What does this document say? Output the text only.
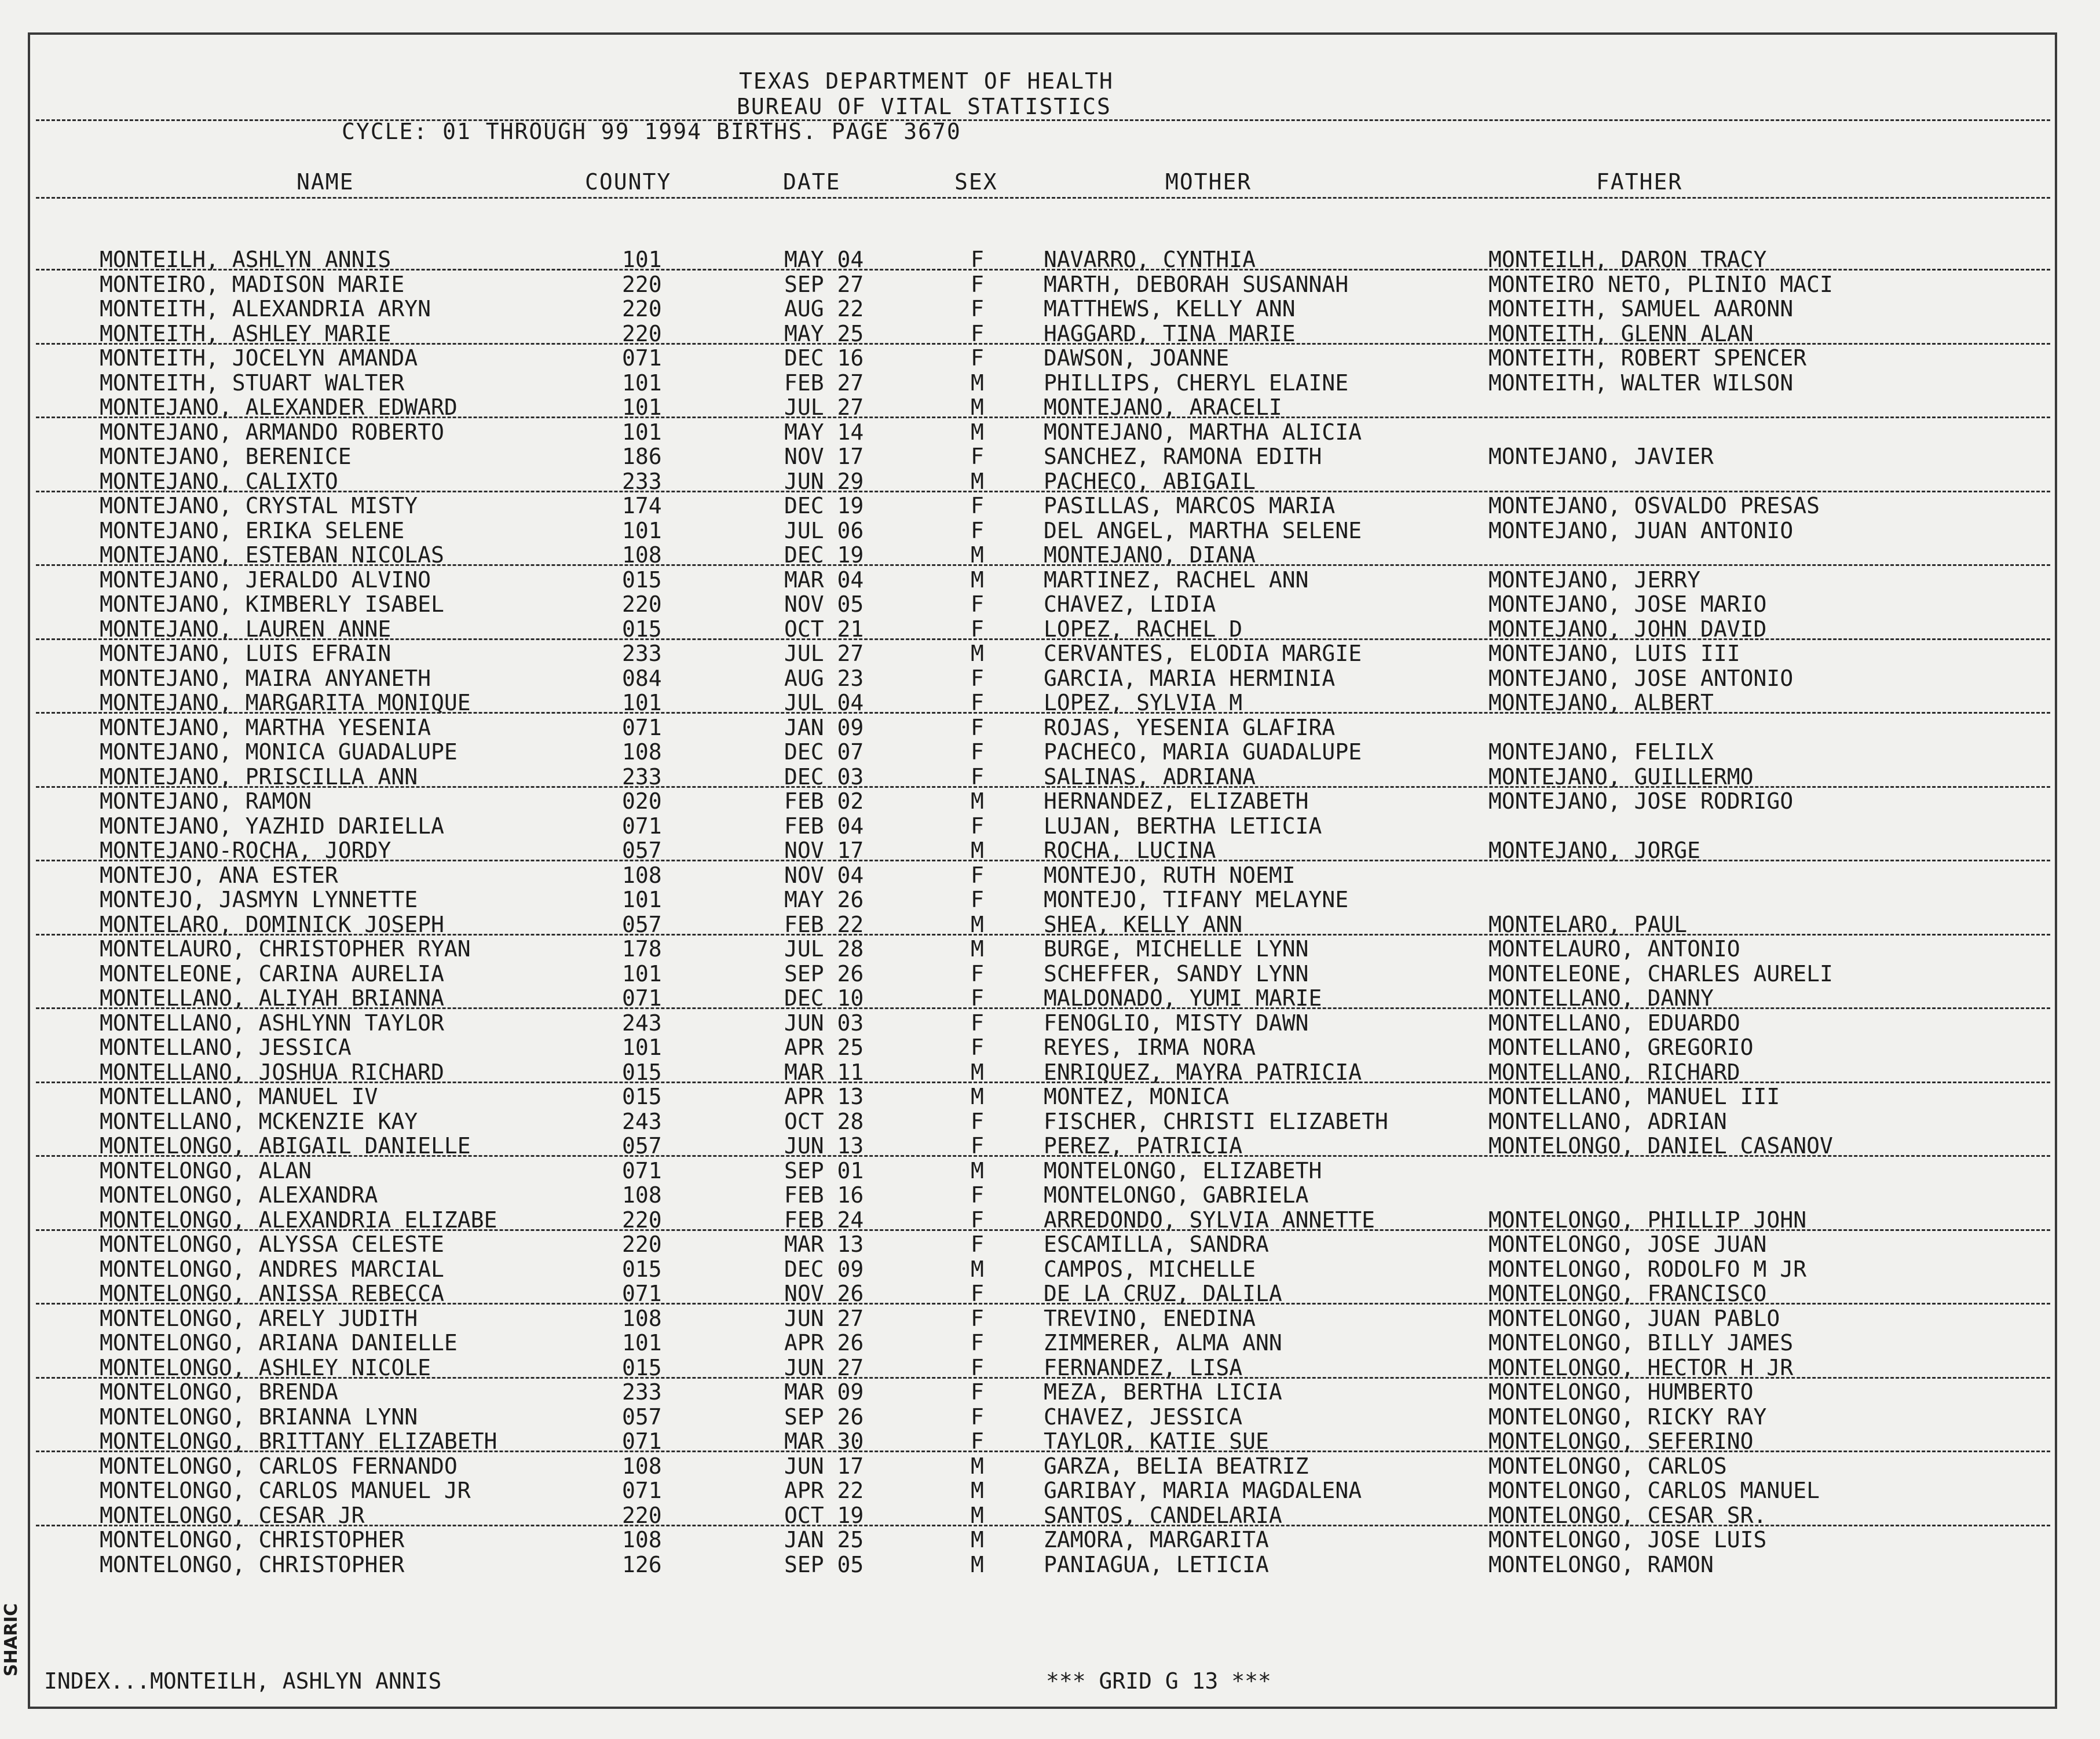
SHARIC
TEXAS DEPARTMENT OF HEALTH
BUREAU OF VITAL STATISTICS
CYCLE: 01 THROUGH 99 1994 BIRTHS. PAGE 3670
NAME	COUNTY	DATE	SEX	MOTHER	FATHER
MONTEILH, ASHLYN ANNIS	101	MAY 04	F	NAVARRO, CYNTHIA	MONTEILH, DARON TRACY
MONTEIRO, MADISON MARIE	220	SEP 27	F	MARTH, DEBORAH SUSANNAH	MONTEIRO NETO, PLINIO MACI
MONTEITH, ALEXANDRIA ARYN	220	AUG 22	F	MATTHEWS, KELLY ANN	MONTEITH, SAMUEL AARONN
MONTEITH, ASHLEY MARIE	220	MAY 25	F	HAGGARD, TINA MARIE	MONTEITH, GLENN ALAN
MONTEITH, JOCELYN AMANDA	071	DEC 16	F	DAWSON, JOANNE	MONTEITH, ROBERT SPENCER
MONTEITH, STUART WALTER	101	FEB 27	M	PHILLIPS, CHERYL ELAINE	MONTEITH, WALTER WILSON
MONTEJANO, ALEXANDER EDWARD	101	JUL 27	M	MONTEJANO, ARACELI
MONTEJANO, ARMANDO ROBERTO	101	MAY 14	M	MONTEJANO, MARTHA ALICIA
MONTEJANO, BERENICE	186	NOV 17	F	SANCHEZ, RAMONA EDITH	MONTEJANO, JAVIER
MONTEJANO, CALIXTO	233	JUN 29	M	PACHECO, ABIGAIL
MONTEJANO, CRYSTAL MISTY	174	DEC 19	F	PASILLAS, MARCOS MARIA	MONTEJANO, OSVALDO PRESAS
MONTEJANO, ERIKA SELENE	101	JUL 06	F	DEL ANGEL, MARTHA SELENE	MONTEJANO, JUAN ANTONIO
MONTEJANO, ESTEBAN NICOLAS	108	DEC 19	M	MONTEJANO, DIANA
MONTEJANO, JERALDO ALVINO	015	MAR 04	M	MARTINEZ, RACHEL ANN	MONTEJANO, JERRY
MONTEJANO, KIMBERLY ISABEL	220	NOV 05	F	CHAVEZ, LIDIA	MONTEJANO, JOSE MARIO
MONTEJANO, LAUREN ANNE	015	OCT 21	F	LOPEZ, RACHEL D	MONTEJANO, JOHN DAVID
MONTEJANO, LUIS EFRAIN	233	JUL 27	M	CERVANTES, ELODIA MARGIE	MONTEJANO, LUIS III
MONTEJANO, MAIRA ANYANETH	084	AUG 23	F	GARCIA, MARIA HERMINIA	MONTEJANO, JOSE ANTONIO
MONTEJANO, MARGARITA MONIQUE	101	JUL 04	F	LOPEZ, SYLVIA M	MONTEJANO, ALBERT
MONTEJANO, MARTHA YESENIA	071	JAN 09	F	ROJAS, YESENIA GLAFIRA
MONTEJANO, MONICA GUADALUPE	108	DEC 07	F	PACHECO, MARIA GUADALUPE	MONTEJANO, FELILX
MONTEJANO, PRISCILLA ANN	233	DEC 03	F	SALINAS, ADRIANA	MONTEJANO, GUILLERMO
MONTEJANO, RAMON	020	FEB 02	M	HERNANDEZ, ELIZABETH	MONTEJANO, JOSE RODRIGO
MONTEJANO, YAZHID DARIELLA	071	FEB 04	F	LUJAN, BERTHA LETICIA
MONTEJANO-ROCHA, JORDY	057	NOV 17	M	ROCHA, LUCINA	MONTEJANO, JORGE
MONTEJO, ANA ESTER	108	NOV 04	F	MONTEJO, RUTH NOEMI
MONTEJO, JASMYN LYNNETTE	101	MAY 26	F	MONTEJO, TIFANY MELAYNE
MONTELARO, DOMINICK JOSEPH	057	FEB 22	M	SHEA, KELLY ANN	MONTELARO, PAUL
MONTELAURO, CHRISTOPHER RYAN	178	JUL 28	M	BURGE, MICHELLE LYNN	MONTELAURO, ANTONIO
MONTELEONE, CARINA AURELIA	101	SEP 26	F	SCHEFFER, SANDY LYNN	MONTELEONE, CHARLES AURELI
MONTELLANO, ALIYAH BRIANNA	071	DEC 10	F	MALDONADO, YUMI MARIE	MONTELLANO, DANNY
MONTELLANO, ASHLYNN TAYLOR	243	JUN 03	F	FENOGLIO, MISTY DAWN	MONTELLANO, EDUARDO
MONTELLANO, JESSICA	101	APR 25	F	REYES, IRMA NORA	MONTELLANO, GREGORIO
MONTELLANO, JOSHUA RICHARD	015	MAR 11	M	ENRIQUEZ, MAYRA PATRICIA	MONTELLANO, RICHARD
MONTELLANO, MANUEL IV	015	APR 13	M	MONTEZ, MONICA	MONTELLANO, MANUEL III
MONTELLANO, MCKENZIE KAY	243	OCT 28	F	FISCHER, CHRISTI ELIZABETH	MONTELLANO, ADRIAN
MONTELONGO, ABIGAIL DANIELLE	057	JUN 13	F	PEREZ, PATRICIA	MONTELONGO, DANIEL CASANOV
MONTELONGO, ALAN	071	SEP 01	M	MONTELONGO, ELIZABETH
MONTELONGO, ALEXANDRA	108	FEB 16	F	MONTELONGO, GABRIELA
MONTELONGO, ALEXANDRIA ELIZABE	220	FEB 24	F	ARREDONDO, SYLVIA ANNETTE	MONTELONGO, PHILLIP JOHN
MONTELONGO, ALYSSA CELESTE	220	MAR 13	F	ESCAMILLA, SANDRA	MONTELONGO, JOSE JUAN
MONTELONGO, ANDRES MARCIAL	015	DEC 09	M	CAMPOS, MICHELLE	MONTELONGO, RODOLFO M JR
MONTELONGO, ANISSA REBECCA	071	NOV 26	F	DE LA CRUZ, DALILA	MONTELONGO, FRANCISCO
MONTELONGO, ARELY JUDITH	108	JUN 27	F	TREVINO, ENEDINA	MONTELONGO, JUAN PABLO
MONTELONGO, ARIANA DANIELLE	101	APR 26	F	ZIMMERER, ALMA ANN	MONTELONGO, BILLY JAMES
MONTELONGO, ASHLEY NICOLE	015	JUN 27	F	FERNANDEZ, LISA	MONTELONGO, HECTOR H JR
MONTELONGO, BRENDA	233	MAR 09	F	MEZA, BERTHA LICIA	MONTELONGO, HUMBERTO
MONTELONGO, BRIANNA LYNN	057	SEP 26	F	CHAVEZ, JESSICA	MONTELONGO, RICKY RAY
MONTELONGO, BRITTANY ELIZABETH	071	MAR 30	F	TAYLOR, KATIE SUE	MONTELONGO, SEFERINO
MONTELONGO, CARLOS FERNANDO	108	JUN 17	M	GARZA, BELIA BEATRIZ	MONTELONGO, CARLOS
MONTELONGO, CARLOS MANUEL JR	071	APR 22	M	GARIBAY, MARIA MAGDALENA	MONTELONGO, CARLOS MANUEL
MONTELONGO, CESAR JR	220	OCT 19	M	SANTOS, CANDELARIA	MONTELONGO, CESAR SR.
MONTELONGO, CHRISTOPHER	108	JAN 25	M	ZAMORA, MARGARITA	MONTELONGO, JOSE LUIS
MONTELONGO, CHRISTOPHER	126	SEP 05	M	PANIAGUA, LETICIA	MONTELONGO, RAMON
INDEX...MONTEILH, ASHLYN ANNIS	*** GRID G 13 ***
